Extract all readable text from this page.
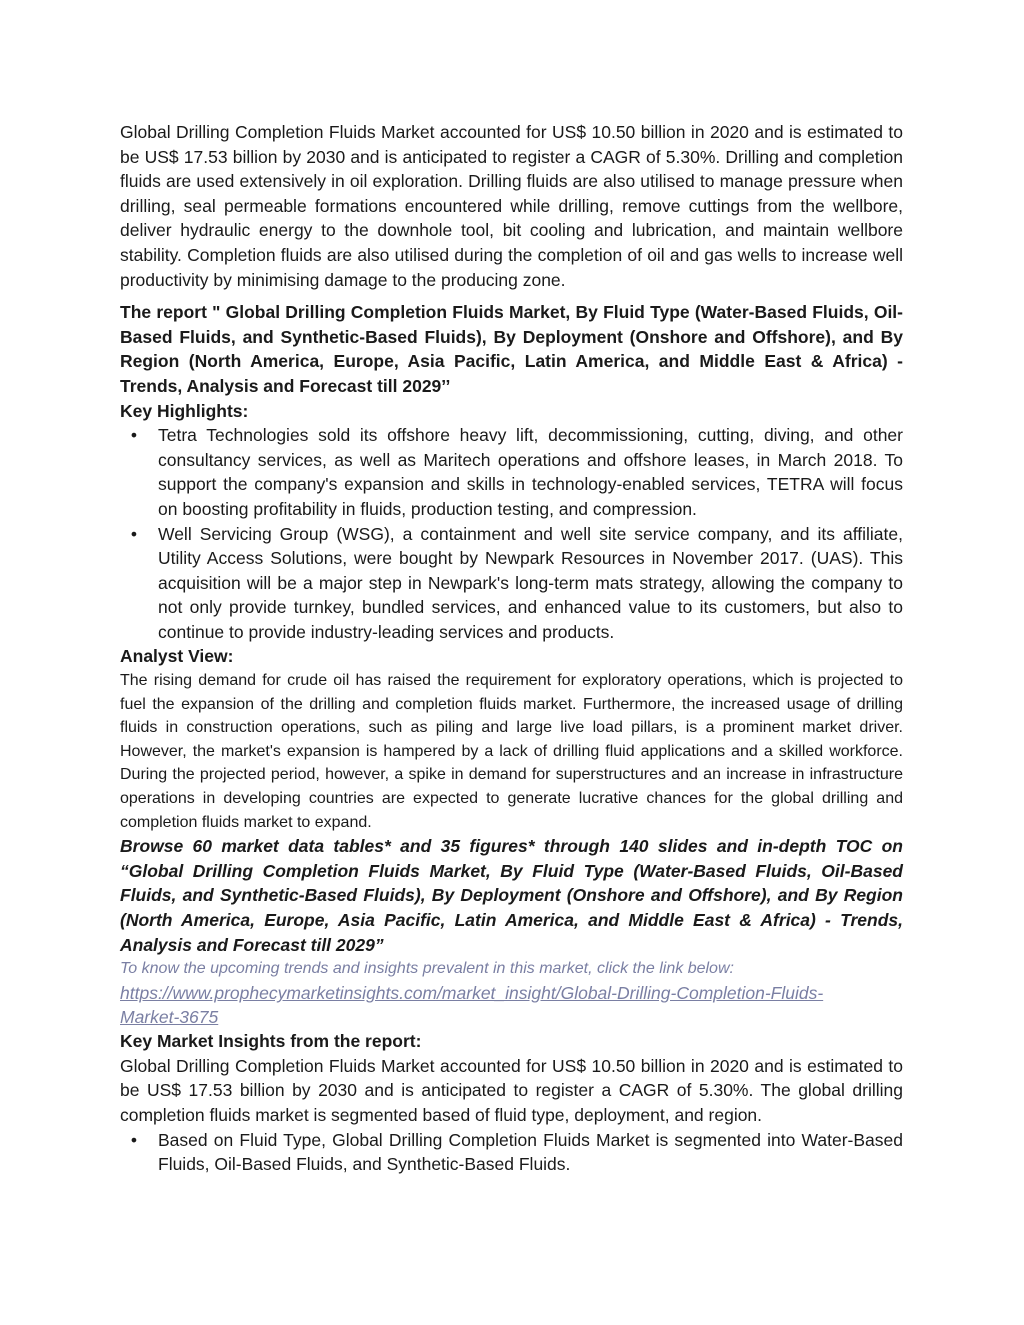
Global Drilling Completion Fluids Market accounted for US$ 10.50 billion in 2020 and is estimated to be US$ 17.53 billion by 2030 and is anticipated to register a CAGR of 5.30%. Drilling and completion fluids are used extensively in oil exploration. Drilling fluids are also utilised to manage pressure when drilling, seal permeable formations encountered while drilling, remove cuttings from the wellbore, deliver hydraulic energy to the downhole tool, bit cooling and lubrication, and maintain wellbore stability. Completion fluids are also utilised during the completion of oil and gas wells to increase well productivity by minimising damage to the producing zone.

The report " Global Drilling Completion Fluids Market, By Fluid Type (Water-Based Fluids, Oil-Based Fluids, and Synthetic-Based Fluids), By Deployment (Onshore and Offshore), and By Region (North America, Europe, Asia Pacific, Latin America, and Middle East & Africa) - Trends, Analysis and Forecast till 2029’’

Key Highlights:
• Tetra Technologies sold its offshore heavy lift, decommissioning, cutting, diving, and other consultancy services, as well as Maritech operations and offshore leases, in March 2018. To support the company's expansion and skills in technology-enabled services, TETRA will focus on boosting profitability in fluids, production testing, and compression.
• Well Servicing Group (WSG), a containment and well site service company, and its affiliate, Utility Access Solutions, were bought by Newpark Resources in November 2017. (UAS). This acquisition will be a major step in Newpark's long-term mats strategy, allowing the company to not only provide turnkey, bundled services, and enhanced value to its customers, but also to continue to provide industry-leading services and products.
Analyst View:

The rising demand for crude oil has raised the requirement for exploratory operations, which is projected to fuel the expansion of the drilling and completion fluids market. Furthermore, the increased usage of drilling fluids in construction operations, such as piling and large live load pillars, is a prominent market driver. However, the market's expansion is hampered by a lack of drilling fluid applications and a skilled workforce. During the projected period, however, a spike in demand for superstructures and an increase in infrastructure operations in developing countries are expected to generate lucrative chances for the global drilling and completion fluids market to expand.

Browse 60 market data tables* and 35 figures* through 140 slides and in-depth TOC on “Global Drilling Completion Fluids Market, By Fluid Type (Water-Based Fluids, Oil-Based Fluids, and Synthetic-Based Fluids), By Deployment (Onshore and Offshore), and By Region (North America, Europe, Asia Pacific, Latin America, and Middle East & Africa) - Trends, Analysis and Forecast till 2029”

To know the upcoming trends and insights prevalent in this market, click the link below:

https://www.prophecymarketinsights.com/market_insight/Global-Drilling-Completion-Fluids-
Market-3675
Key Market Insights from the report:

Global Drilling Completion Fluids Market accounted for US$ 10.50 billion in 2020 and is estimated to be US$ 17.53 billion by 2030 and is anticipated to register a CAGR of 5.30%. The global drilling completion fluids market is segmented based of fluid type, deployment, and region.

• Based on Fluid Type, Global Drilling Completion Fluids Market is segmented into Water-Based Fluids, Oil-Based Fluids, and Synthetic-Based Fluids.
